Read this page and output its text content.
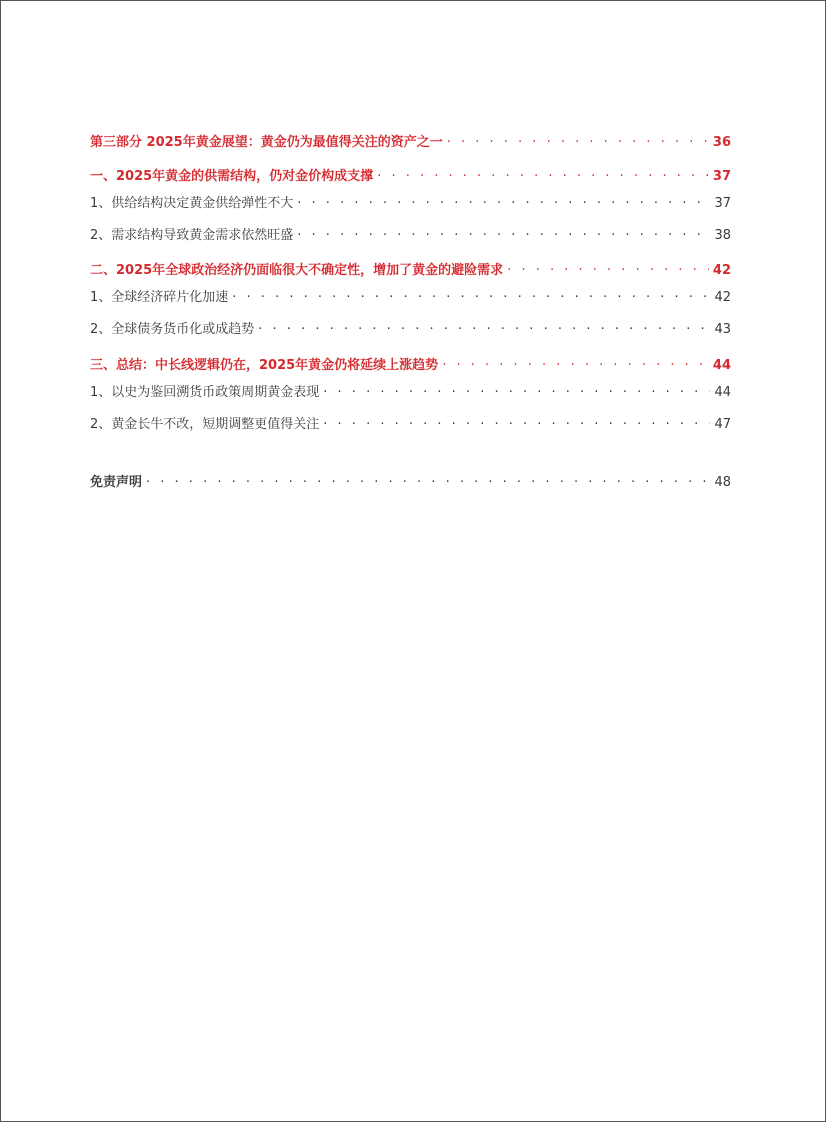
第三部分 2025年黄金展望：黄金仍为最值得关注的资产之一 · · ·	36
一、2025年黄金的供需结构，仍对金价构成支撑 · · ·	37
1、供给结构决定黄金供给弹性不大 · · ·	37
2、需求结构导致黄金需求依然旺盛 · · ·	38
二、2025年全球政治经济仍面临很大不确定性，增加了黄金的避险需求 · · ·	42
1、全球经济碎片化加速 · · ·	42
2、全球债务货币化或成趋势 · · ·	43
三、总结：中长线逻辑仍在，2025年黄金仍将延续上涨趋势 · · ·	44
1、以史为鉴回溯货币政策周期黄金表现 · · ·	44
2、黄金长牛不改，短期调整更值得关注 · · ·	47
免责声明 · · ·	48
